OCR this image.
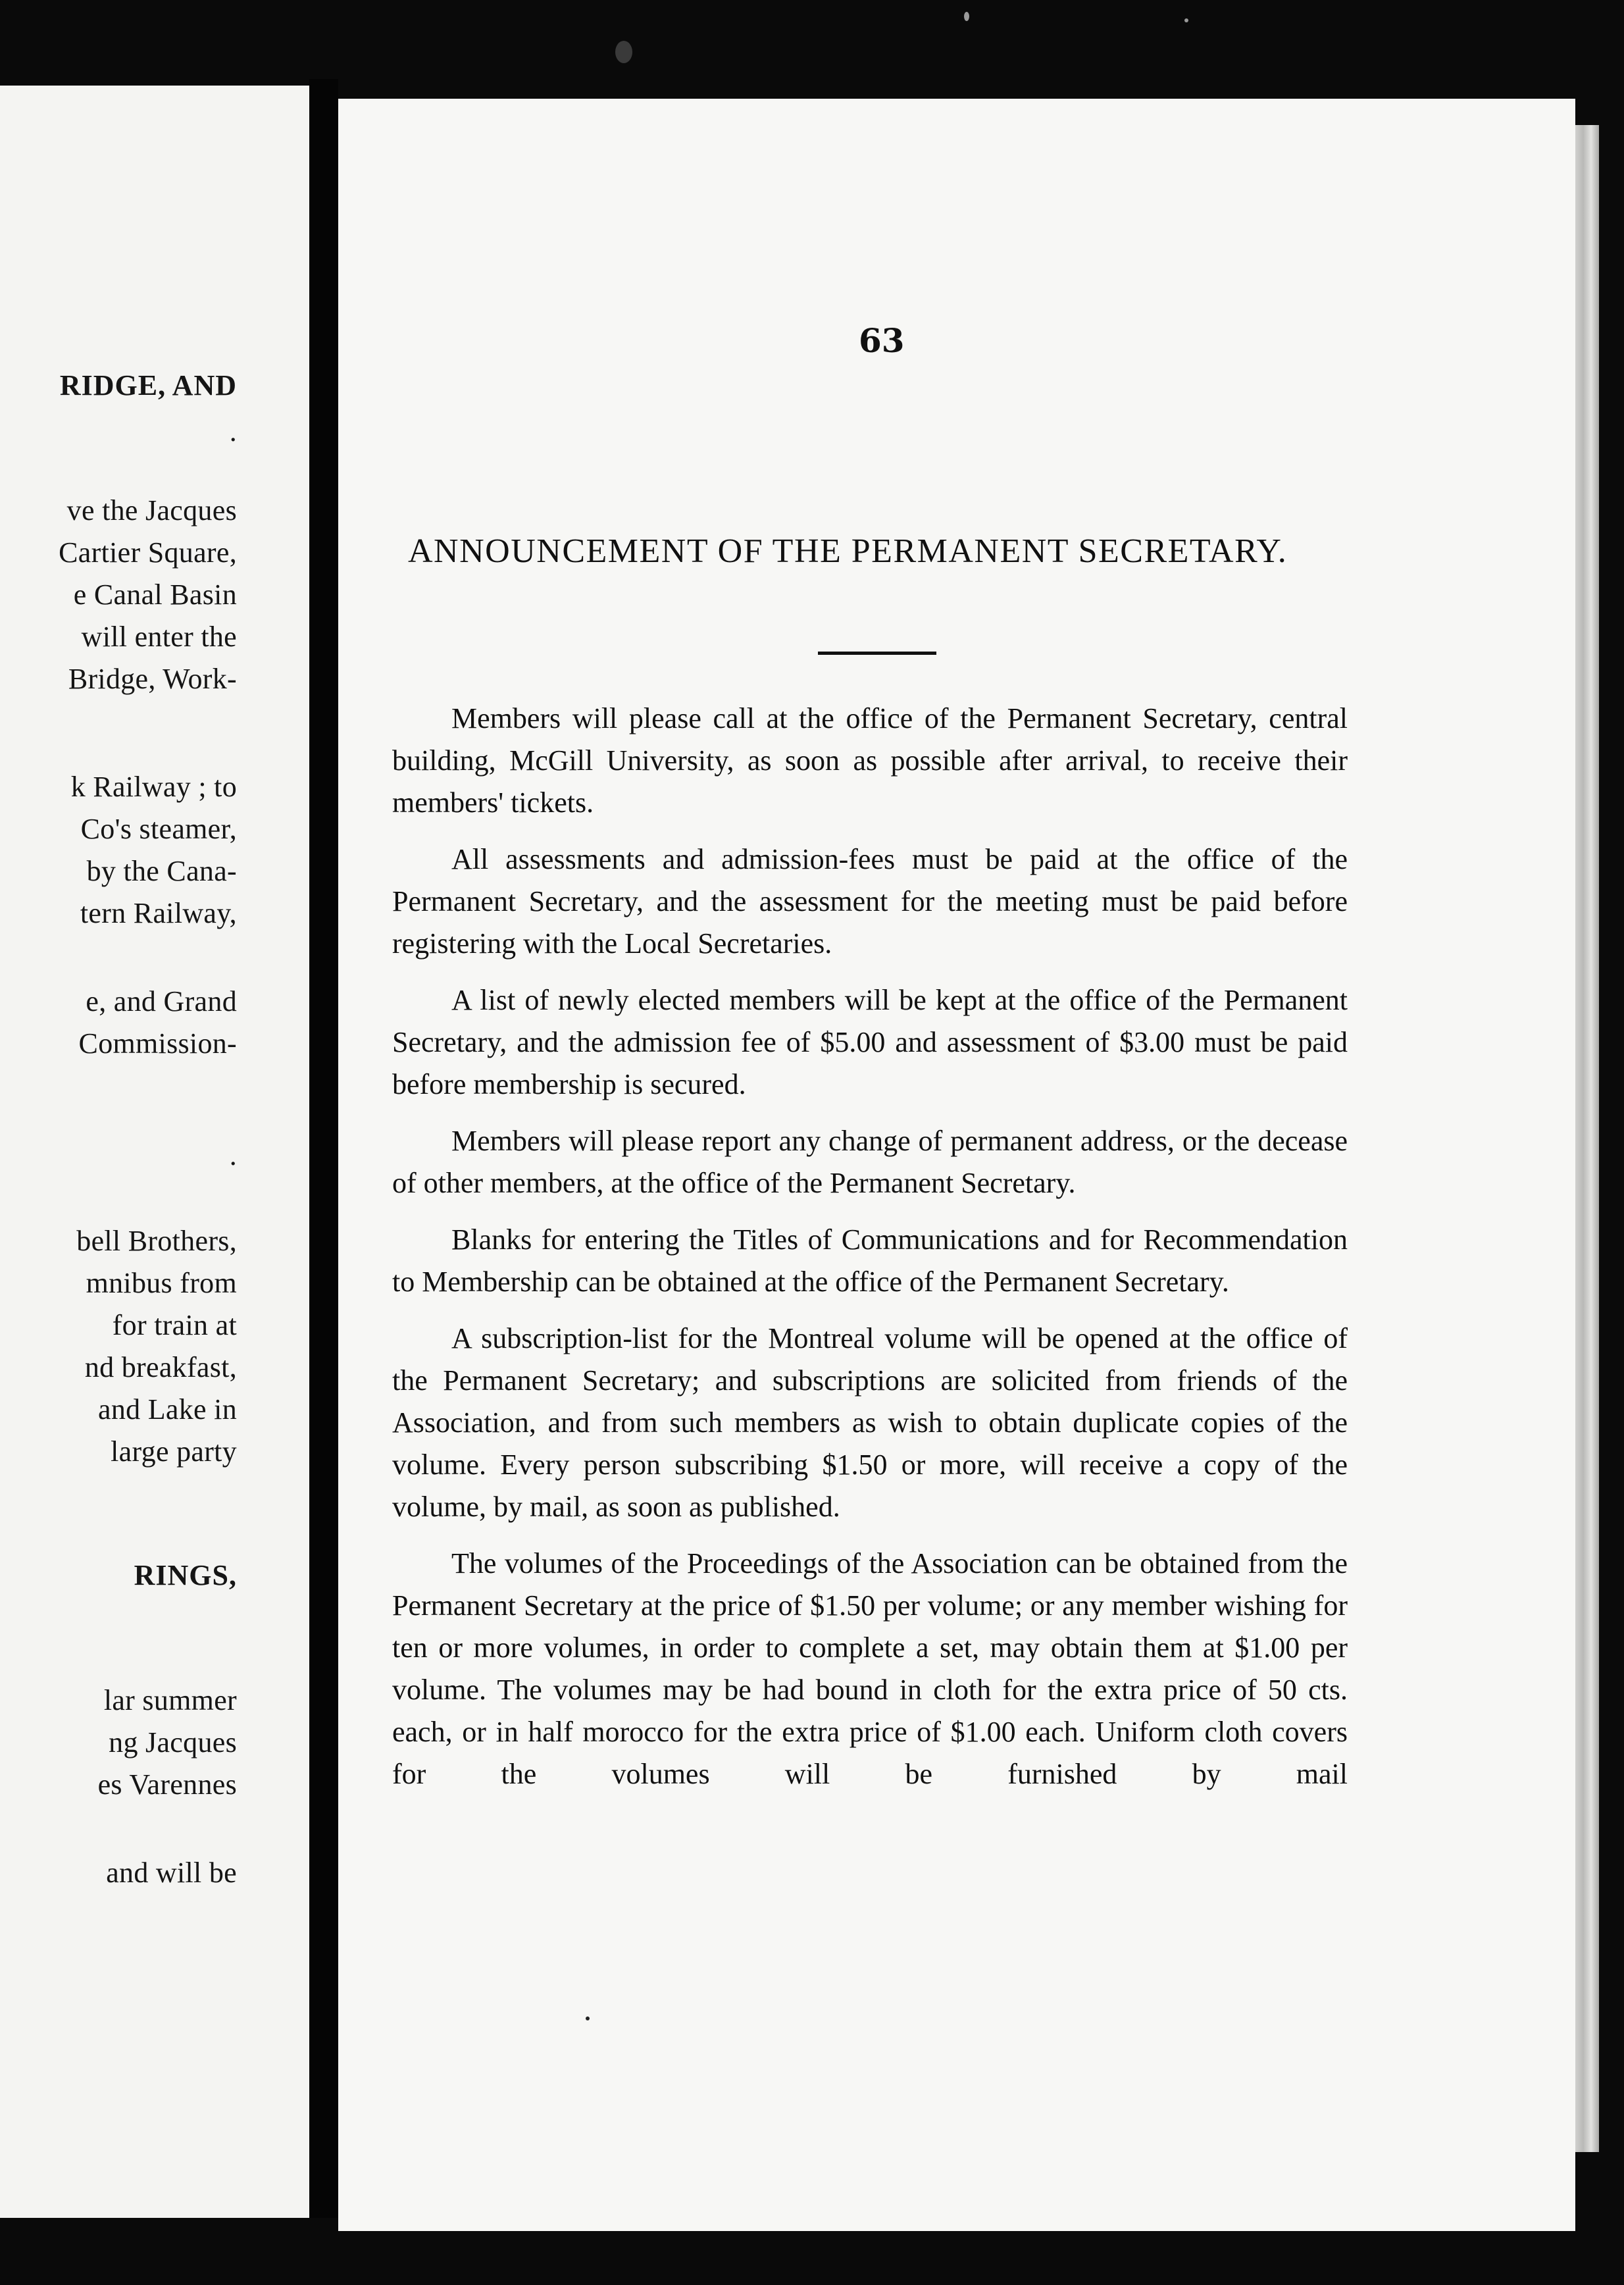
RIDGE, AND
.
ve the Jacques
Cartier Square,
e Canal Basin
will enter the
Bridge, Work-
k Railway ; to
Co's steamer,
by the Cana-
tern Railway,
e, and Grand
Commission-
.
bell Brothers,
mnibus from
for train at
nd breakfast,
and Lake in
large party
RINGS,
lar summer
ng Jacques
es Varennes
and will be
63
ANNOUNCEMENT OF THE PERMANENT SECRETARY.

Members will please call at the office of the Permanent Secretary, central building, McGill University, as soon as possible after arrival, to receive their members' tickets.

All assessments and admission-fees must be paid at the office of the Permanent Secretary, and the assessment for the meeting must be paid before registering with the Local Secretaries.

A list of newly elected members will be kept at the office of the Permanent Secretary, and the admission fee of $5.00 and assessment of $3.00 must be paid before membership is secured.

Members will please report any change of permanent address, or the decease of other members, at the office of the Permanent Secretary.

Blanks for entering the Titles of Communications and for Recommendation to Membership can be obtained at the office of the Permanent Secretary.

A subscription-list for the Montreal volume will be opened at the office of the Permanent Secretary; and subscriptions are solicited from friends of the Association, and from such members as wish to obtain duplicate copies of the volume. Every person subscribing $1.50 or more, will receive a copy of the volume, by mail, as soon as published.

The volumes of the Proceedings of the Association can be obtained from the Permanent Secretary at the price of $1.50 per volume; or any member wishing for ten or more volumes, in order to complete a set, may obtain them at $1.00 per volume. The volumes may be had bound in cloth for the extra price of 50 cts. each, or in half morocco for the extra price of $1.00 each. Uniform cloth covers for the volumes will be furnished by mail
